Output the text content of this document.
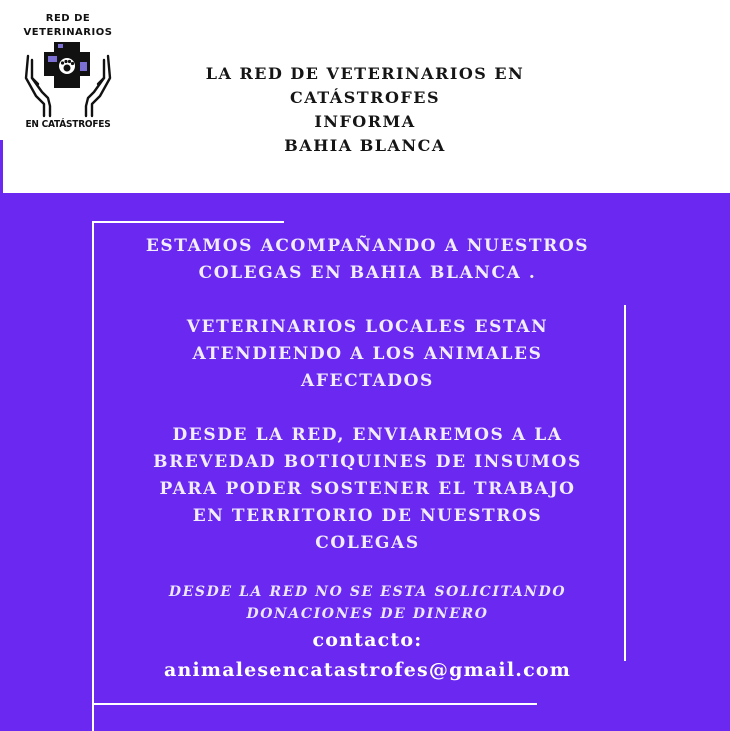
RED DE
VETERINARIOS
EN CATÁSTROFES
LA RED DE VETERINARIOS EN CATÁSTROFES
INFORMA
BAHIA BLANCA

ESTAMOS ACOMPAÑANDO A NUESTROS
COLEGAS EN BAHIA BLANCA .

VETERINARIOS LOCALES ESTAN
ATENDIENDO A LOS ANIMALES
AFECTADOS

DESDE LA RED, ENVIAREMOS A LA
BREVEDAD BOTIQUINES DE INSUMOS
PARA PODER SOSTENER EL TRABAJO
EN TERRITORIO DE NUESTROS
COLEGAS

DESDE LA RED NO SE ESTA SOLICITANDO
DONACIONES DE DINERO
contacto:
animalesencatastrofes@gmail.com
